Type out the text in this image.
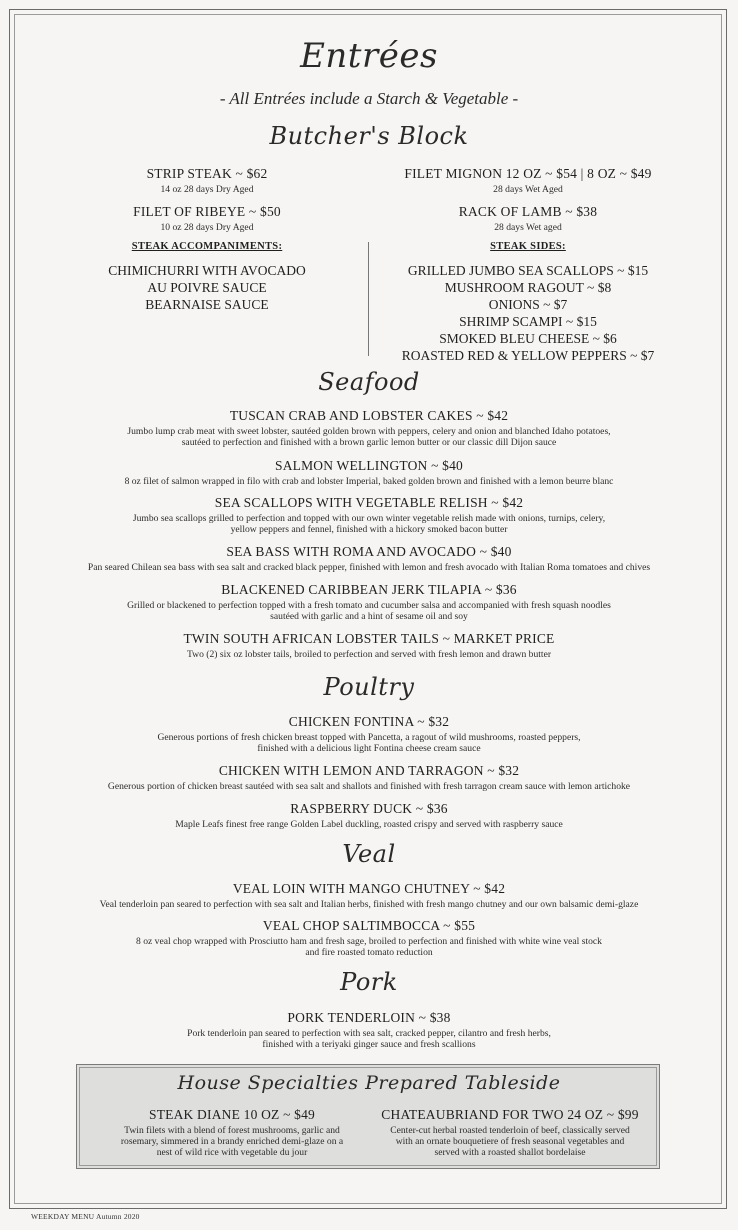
Entrées
- All Entrées include a Starch & Vegetable -
Butcher's Block
STRIP STEAK ~ $62
14 oz 28 days Dry Aged
FILET MIGNON 12 OZ ~ $54 | 8 OZ ~ $49
28 days Wet Aged
FILET OF RIBEYE ~ $50
10 oz 28 days Dry Aged
RACK OF LAMB ~ $38
28 days Wet aged
STEAK ACCOMPANIMENTS:
CHIMICHURRI WITH AVOCADO
AU POIVRE SAUCE
BEARNAISE SAUCE
STEAK SIDES:
GRILLED JUMBO SEA SCALLOPS ~ $15
MUSHROOM RAGOUT ~ $8
ONIONS ~ $7
SHRIMP SCAMPI ~ $15
SMOKED BLEU CHEESE ~ $6
ROASTED RED & YELLOW PEPPERS ~ $7
Seafood
TUSCAN CRAB AND LOBSTER CAKES ~ $42
Jumbo lump crab meat with sweet lobster, sautéed golden brown with peppers, celery and onion and blanched Idaho potatoes,
sautéed to perfection and finished with a brown garlic lemon butter or our classic dill Dijon sauce
SALMON WELLINGTON ~ $40
8 oz filet of salmon wrapped in filo with crab and lobster Imperial, baked golden brown and finished with a lemon beurre blanc
SEA SCALLOPS WITH VEGETABLE RELISH ~ $42
Jumbo sea scallops grilled to perfection and topped with our own winter vegetable relish made with onions, turnips, celery,
yellow peppers and fennel, finished with a hickory smoked bacon butter
SEA BASS WITH ROMA AND AVOCADO ~ $40
Pan seared Chilean sea bass with sea salt and cracked black pepper, finished with lemon and fresh avocado with Italian Roma tomatoes and chives
BLACKENED CARIBBEAN JERK TILAPIA ~ $36
Grilled or blackened to perfection topped with a fresh tomato and cucumber salsa and accompanied with fresh squash noodles
sautéed with garlic and a hint of sesame oil and soy
TWIN SOUTH AFRICAN LOBSTER TAILS ~ MARKET PRICE
Two (2) six oz lobster tails, broiled to perfection and served with fresh lemon and drawn butter
Poultry
CHICKEN FONTINA ~ $32
Generous portions of fresh chicken breast topped with Pancetta, a ragout of wild mushrooms, roasted peppers,
finished with a delicious light Fontina cheese cream sauce
CHICKEN WITH LEMON AND TARRAGON ~ $32
Generous portion of chicken breast sautéed with sea salt and shallots and finished with fresh tarragon cream sauce with lemon artichoke
RASPBERRY DUCK ~ $36
Maple Leafs finest free range Golden Label duckling, roasted crispy and served with raspberry sauce
Veal
VEAL LOIN WITH MANGO CHUTNEY ~ $42
Veal tenderloin pan seared to perfection with sea salt and Italian herbs, finished with fresh mango chutney and our own balsamic demi-glaze
VEAL CHOP SALTIMBOCCA ~ $55
8 oz veal chop wrapped with Prosciutto ham and fresh sage, broiled to perfection and finished with white wine veal stock
and fire roasted tomato reduction
Pork
PORK TENDERLOIN ~ $38
Pork tenderloin pan seared to perfection with sea salt, cracked pepper, cilantro and fresh herbs,
finished with a teriyaki ginger sauce and fresh scallions
House Specialties Prepared Tableside
STEAK DIANE 10 OZ ~ $49
Twin filets with a blend of forest mushrooms, garlic and
rosemary, simmered in a brandy enriched demi-glaze on a
nest of wild rice with vegetable du jour
CHATEAUBRIAND FOR TWO 24 OZ ~ $99
Center-cut herbal roasted tenderloin of beef, classically served
with an ornate bouquetiere of fresh seasonal vegetables and
served with a roasted shallot bordelaise
WEEKDAY MENU Autumn 2020
